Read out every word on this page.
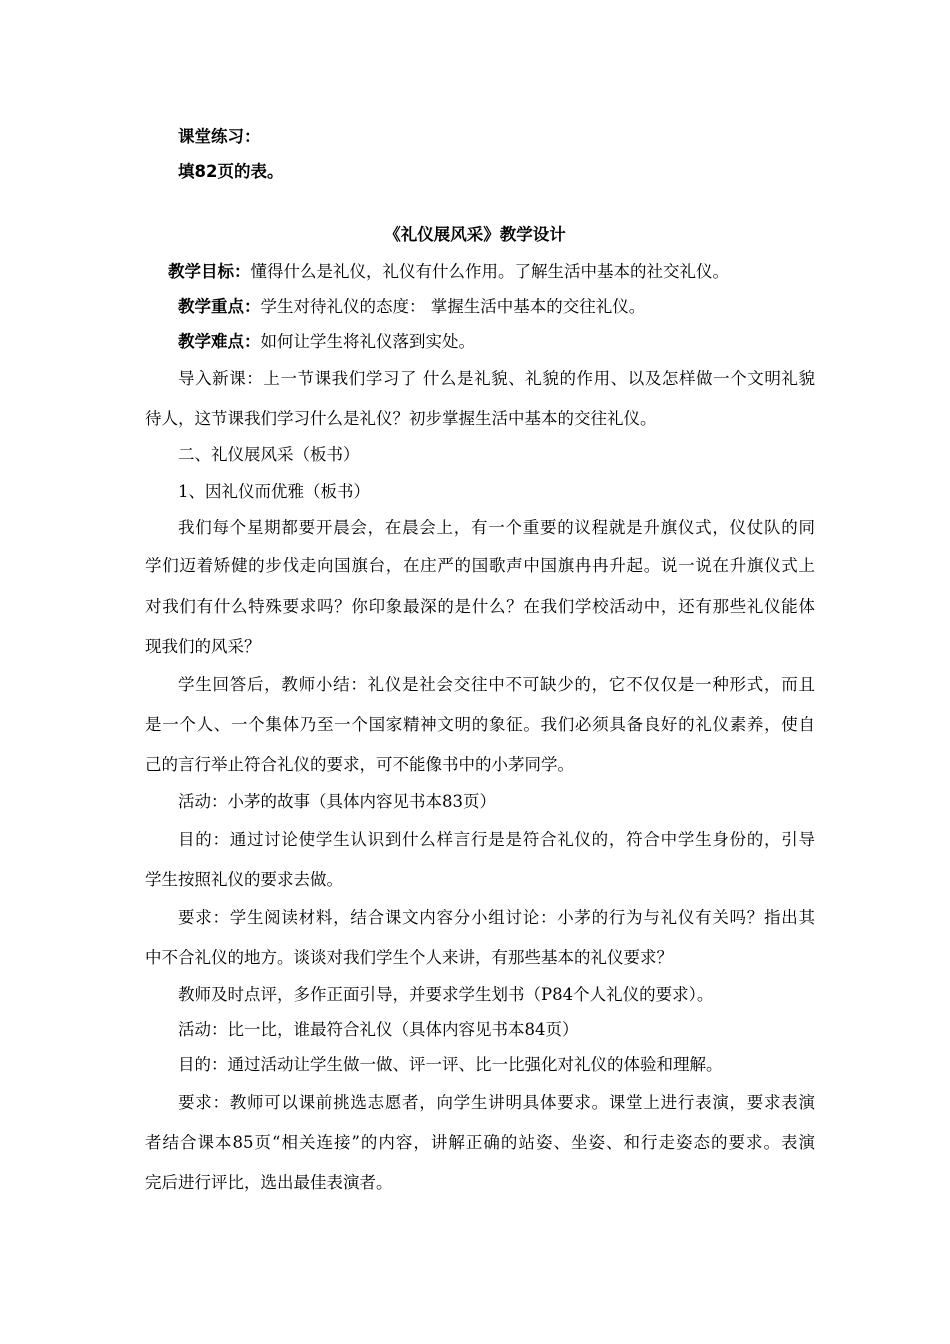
课堂练习：
填82页的表。
《礼仪展风采》教学设计
教学目标：懂得什么是礼仪，礼仪有什么作用。了解生活中基本的社交礼仪。
教学重点：学生对待礼仪的态度： 掌握生活中基本的交往礼仪。
教学难点：如何让学生将礼仪落到实处。
导入新课：上一节课我们学习了 什么是礼貌、礼貌的作用、以及怎样做一个文明礼貌
待人，这节课我们学习什么是礼仪？初步掌握生活中基本的交往礼仪。
二、礼仪展风采（板书）
1、因礼仪而优雅（板书）
我们每个星期都要开晨会，在晨会上，有一个重要的议程就是升旗仪式，仪仗队的同
学们迈着矫健的步伐走向国旗台，在庄严的国歌声中国旗冉冉升起。说一说在升旗仪式上
对我们有什么特殊要求吗？你印象最深的是什么？在我们学校活动中，还有那些礼仪能体
现我们的风采？
学生回答后，教师小结：礼仪是社会交往中不可缺少的，它不仅仅是一种形式，而且
是一个人、一个集体乃至一个国家精神文明的象征。我们必须具备良好的礼仪素养，使自
己的言行举止符合礼仪的要求，可不能像书中的小茅同学。
活动：小茅的故事（具体内容见书本83页）
目的：通过讨论使学生认识到什么样言行是是符合礼仪的，符合中学生身份的，引导
学生按照礼仪的要求去做。
要求：学生阅读材料，结合课文内容分小组讨论：小茅的行为与礼仪有关吗？指出其
中不合礼仪的地方。谈谈对我们学生个人来讲，有那些基本的礼仪要求？
教师及时点评，多作正面引导，并要求学生划书（P84个人礼仪的要求）。
活动：比一比，谁最符合礼仪（具体内容见书本84页）
目的：通过活动让学生做一做、评一评、比一比强化对礼仪的体验和理解。
要求：教师可以课前挑选志愿者，向学生讲明具体要求。课堂上进行表演，要求表演
者结合课本85页“相关连接”的内容，讲解正确的站姿、坐姿、和行走姿态的要求。表演
完后进行评比，选出最佳表演者。
